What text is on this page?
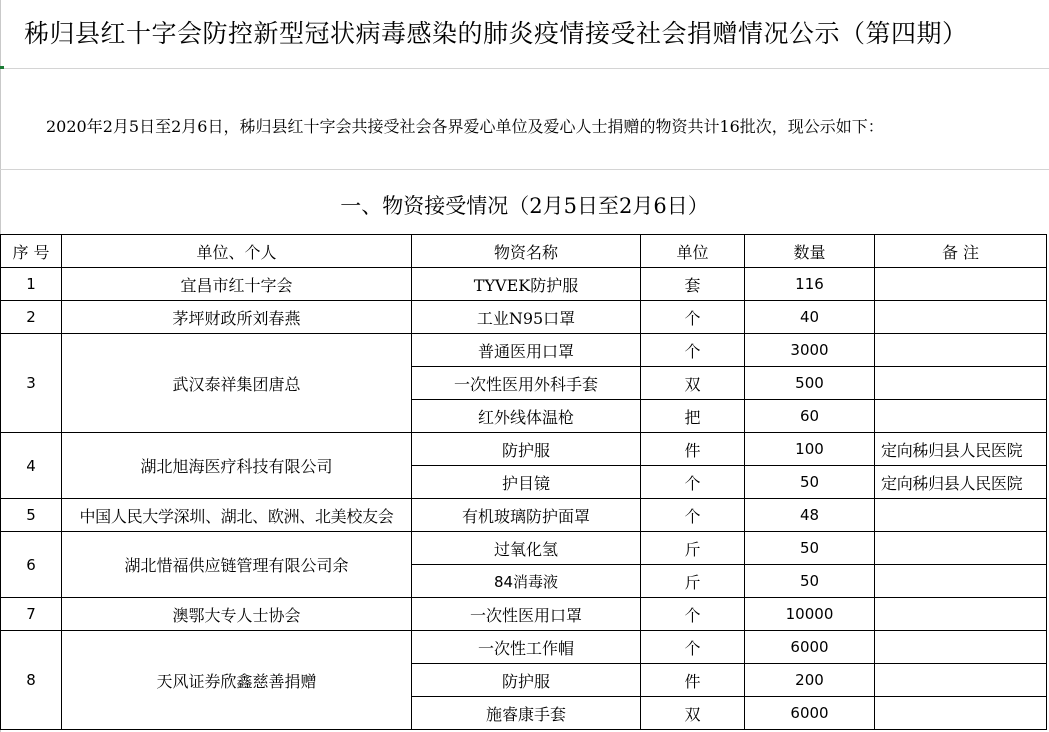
秭归县红十字会防控新型冠状病毒感染的肺炎疫情接受社会捐赠情况公示（第四期）
2020年2月5日至2月6日，秭归县红十字会共接受社会各界爱心单位及爱心人士捐赠的物资共计16批次，现公示如下：
一、物资接受情况（2月5日至2月6日）
序 号	单位、个人	物资名称	单位	数量	备 注
1	宜昌市红十字会	TYVEK防护服	套	116	
2	茅坪财政所刘春燕	工业N95口罩	个	40	
3	武汉泰祥集团唐总	普通医用口罩	个	3000	
		一次性医用外科手套	双	500	
		红外线体温枪	把	60	
4	湖北旭海医疗科技有限公司	防护服	件	100	定向秭归县人民医院
		护目镜	个	50	定向秭归县人民医院
5	中国人民大学深圳、湖北、欧洲、北美校友会	有机玻璃防护面罩	个	48	
6	湖北惜福供应链管理有限公司余	过氧化氢	斤	50	
		84消毒液	斤	50	
7	澳鄂大专人士协会	一次性医用口罩	个	10000	
8	天风证券欣鑫慈善捐赠	一次性工作帽	个	6000	
		防护服	件	200	
		施睿康手套	双	6000	
